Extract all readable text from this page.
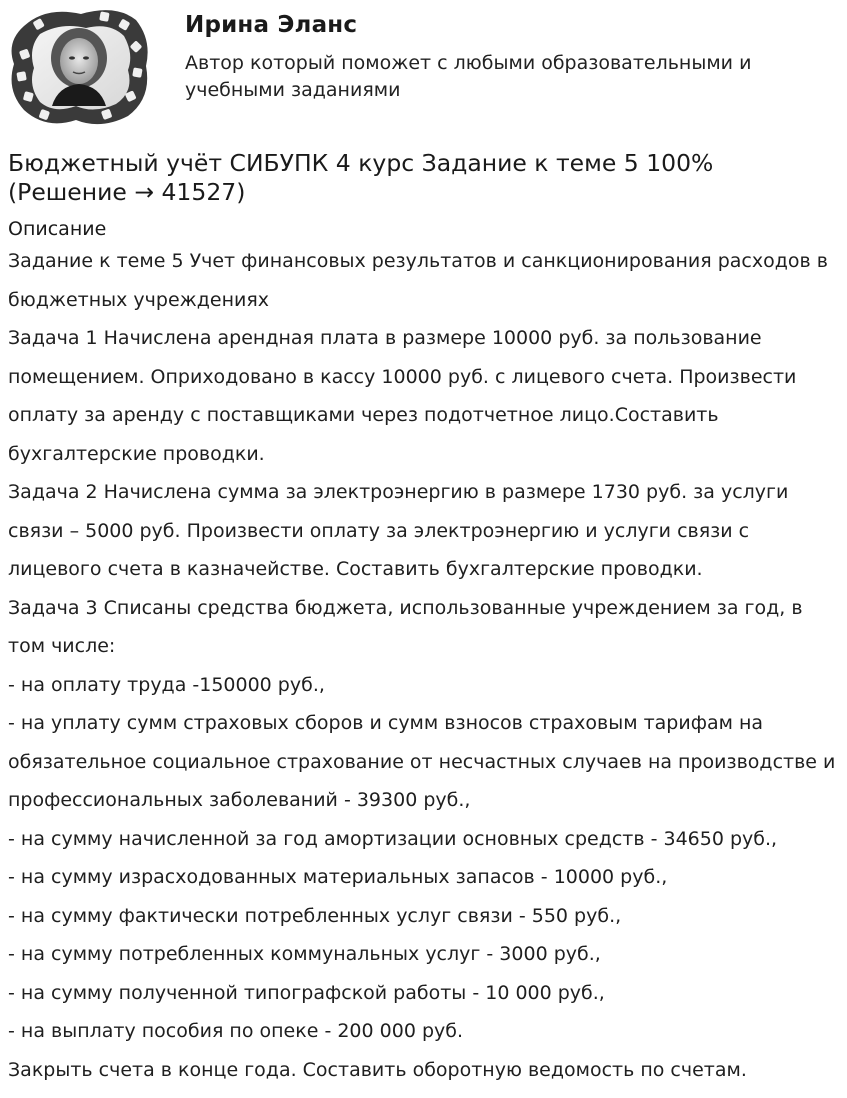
Ирина Эланс
Автор который поможет с любыми образовательными и учебными заданиями
Бюджетный учёт СИБУПК 4 курс Задание к теме 5 100% (Решение → 41527)
Описание

Задание к теме 5 Учет финансовых результатов и санкционирования расходов в бюджетных учреждениях

Задача 1 Начислена арендная плата в размере 10000 руб. за пользование помещением. Оприходовано в кассу 10000 руб. с лицевого счета. Произвести оплату за аренду с поставщиками через подотчетное лицо.Составить бухгалтерские проводки.

Задача 2 Начислена сумма за электроэнергию в размере 1730 руб. за услуги связи – 5000 руб. Произвести оплату за электроэнергию и услуги связи с лицевого счета в казначействе. Составить бухгалтерские проводки.

Задача 3 Списаны средства бюджета, использованные учреждением за год, в том числе:

- на оплату труда -150000 руб.,

- на уплату сумм страховых сборов и сумм взносов страховым тарифам на обязательное социальное страхование от несчастных случаев на производстве и профессиональных заболеваний - 39300 руб.,

- на сумму начисленной за год амортизации основных средств - 34650 руб.,

- на сумму израсходованных материальных запасов - 10000 руб.,

- на сумму фактически потребленных услуг связи - 550 руб.,

- на сумму потребленных коммунальных услуг - 3000 руб.,

- на сумму полученной типографской работы - 10 000 руб.,

- на выплату пособия по опеке - 200 000 руб.

Закрыть счета в конце года. Составить оборотную ведомость по счетам.
